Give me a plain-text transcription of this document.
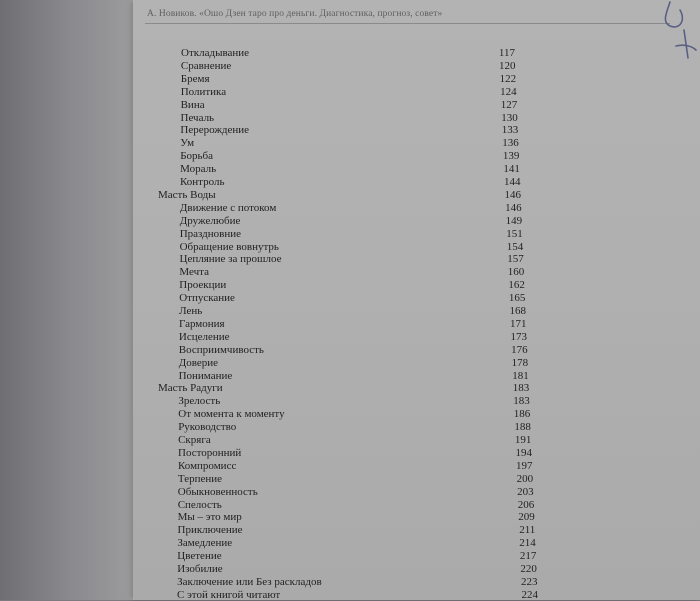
A. Новиков. «Ошо Дзен таро про деньги. Диагностика, прогноз, совет»
Откладывание	117
Сравнение	120
Бремя	122
Политика	124
Вина	127
Печаль	130
Перерождение	133
Ум	136
Борьба	139
Мораль	141
Контроль	144
Масть Воды	146
Движение с потоком	146
Дружелюбие	149
Праздновние	151
Обращение вовнутрь	154
Цепляние за прошлое	157
Мечта	160
Проекции	162
Отпускание	165
Лень	168
Гармония	171
Исцеление	173
Восприимчивость	176
Доверие	178
Понимание	181
Масть Радуги	183
Зрелость	183
От момента к моменту	186
Руководство	188
Скряга	191
Посторонний	194
Компромисс	197
Терпение	200
Обыкновенность	203
Спелость	206
Мы – это мир	209
Приключение	211
Замедление	214
Цветение	217
Изобилие	220
Заключение или Без раскладов	223
С этой книгой читают	224
